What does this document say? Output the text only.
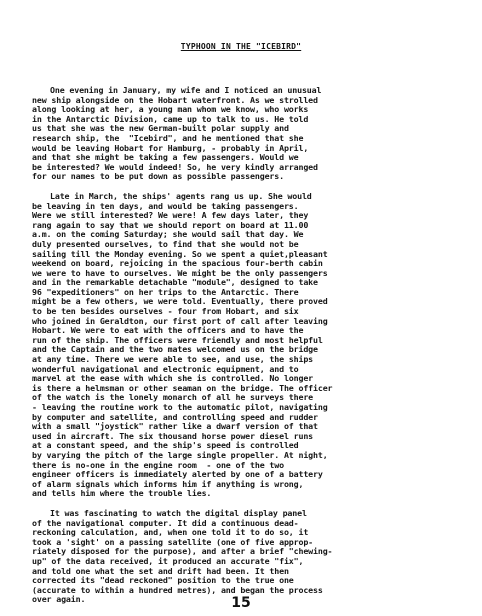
TYPHOON IN THE "ICEBIRD"
One evening in January, my wife and I noticed an unusual
new ship alongside on the Hobart waterfront. As we strolled
along looking at her, a young man whom we know, who works
in the Antarctic Division, came up to talk to us. He told
us that she was the new German-built polar supply and
research ship, the  "Icebird", and he mentioned that she
would be leaving Hobart for Hamburg, - probably in April,
and that she might be taking a few passengers. Would we
be interested? We would indeed! So, he very kindly arranged
for our names to be put down as possible passengers.
Late in March, the ships' agents rang us up. She would
be leaving in ten days, and would be taking passengers.
Were we still interested? We were! A few days later, they
rang again to say that we should report on board at 11.00
a.m. on the coming Saturday; she would sail that day. We
duly presented ourselves, to find that she would not be
sailing till the Monday evening. So we spent a quiet,pleasant
weekend on board, rejoicing in the spacious four-berth cabin
we were to have to ourselves. We might be the only passengers
and in the remarkable detachable "module", designed to take
96 "expeditioners" on her trips to the Antarctic. There
might be a few others, we were told. Eventually, there proved
to be ten besides ourselves - four from Hobart, and six
who joined in Geraldton, our first port of call after leaving
Hobart. We were to eat with the officers and to have the
run of the ship. The officers were friendly and most helpful
and the Captain and the two mates welcomed us on the bridge
at any time. There we were able to see, and use, the ships
wonderful navigational and electronic equipment, and to
marvel at the ease with which she is controlled. No longer
is there a helmsman or other seaman on the bridge. The officer
of the watch is the lonely monarch of all he surveys there
- leaving the routine work to the automatic pilot, navigating
by computer and satellite, and controlling speed and rudder
with a small "joystick" rather like a dwarf version of that
used in aircraft. The six thousand horse power diesel runs
at a constant speed, and the ship's speed is controlled
by varying the pitch of the large single propeller. At night,
there is no-one in the engine room  - one of the two
engineer officers is immediately alerted by one of a battery
of alarm signals which informs him if anything is wrong,
and tells him where the trouble lies.
It was fascinating to watch the digital display panel
of the navigational computer. It did a continuous dead-
reckoning calculation, and, when one told it to do so, it
took a 'sight' on a passing satellite (one of five approp-
riately disposed for the purpose), and after a brief "chewing-
up" of the data received, it produced an accurate "fix",
and told one what the set and drift had been. It then
corrected its "dead reckoned" position to the true one
(accurate to within a hundred metres), and began the process
over again.	15
